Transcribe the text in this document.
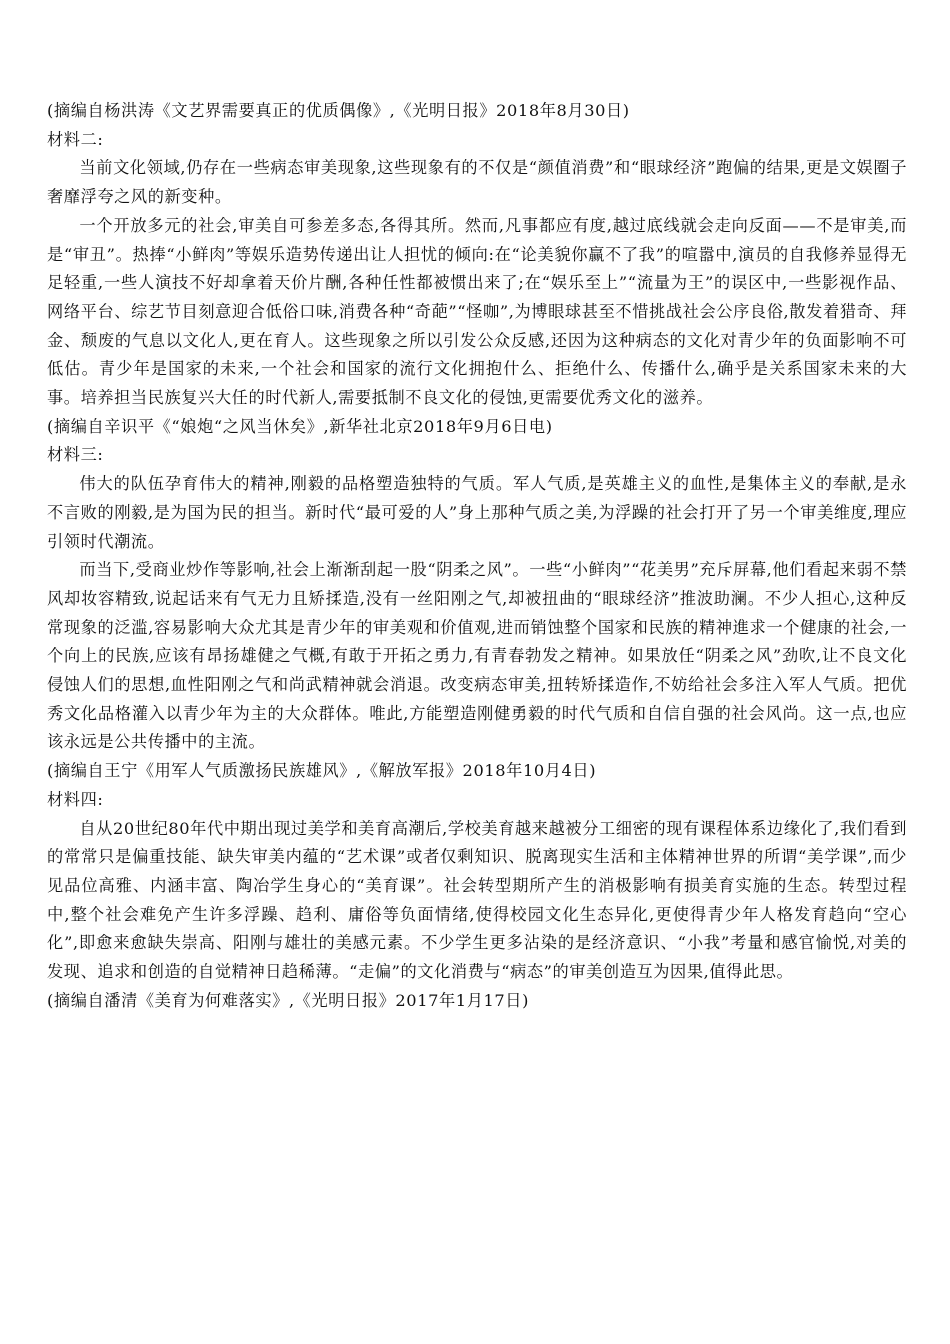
(摘编自杨洪涛《文艺界需要真正的优质偶像》,《光明日报》2018年8月30日)

材料二:

当前文化领域,仍存在一些病态审美现象,这些现象有的不仅是“颜值消费”和“眼球经济”跑偏的结果,更是文娱圈子奢靡浮夸之风的新变种。

一个开放多元的社会,审美自可参差多态,各得其所。然而,凡事都应有度,越过底线就会走向反面——不是审美,而是“审丑”。热捧“小鲜肉”等娱乐造势传递出让人担忧的倾向:在“论美貌你赢不了我”的喧嚣中,演员的自我修养显得无足轻重,一些人演技不好却拿着天价片酬,各种任性都被惯出来了;在“娱乐至上”“流量为王”的误区中,一些影视作品、网络平台、综艺节目刻意迎合低俗口味,消费各种“奇葩”“怪咖”,为博眼球甚至不惜挑战社会公序良俗,散发着猎奇、拜金、颓废的气息以文化人,更在育人。这些现象之所以引发公众反感,还因为这种病态的文化对青少年的负面影响不可低估。青少年是国家的未来,一个社会和国家的流行文化拥抱什么、拒绝什么、传播什么,确乎是关系国家未来的大事。培养担当民族复兴大任的时代新人,需要抵制不良文化的侵蚀,更需要优秀文化的滋养。

(摘编自辛识平《“娘炮“之风当休矣》,新华社北京2018年9月6日电)

材料三:

伟大的队伍孕育伟大的精神,刚毅的品格塑造独特的气质。军人气质,是英雄主义的血性,是集体主义的奉献,是永不言败的刚毅,是为国为民的担当。新时代“最可爱的人”身上那种气质之美,为浮躁的社会打开了另一个审美维度,理应引领时代潮流。

而当下,受商业炒作等影响,社会上渐渐刮起一股“阴柔之风”。一些“小鲜肉”“花美男”充斥屏幕,他们看起来弱不禁风却妆容精致,说起话来有气无力且矫揉造,没有一丝阳刚之气,却被扭曲的“眼球经济”推波助澜。不少人担心,这种反常现象的泛滥,容易影响大众尤其是青少年的审美观和价值观,进而销蚀整个国家和民族的精神進求一个健康的社会,一个向上的民族,应该有昂扬雄健之气概,有敢于开拓之勇力,有青春勃发之精神。如果放任“阴柔之风”劲吹,让不良文化侵蚀人们的思想,血性阳刚之气和尚武精神就会消退。改变病态审美,扭转矫揉造作,不妨给社会多注入军人气质。把优秀文化品格灌入以青少年为主的大众群体。唯此,方能塑造刚健勇毅的时代气质和自信自强的社会风尚。这一点,也应该永远是公共传播中的主流。

(摘编自王宁《用军人气质激扬民族雄风》,《解放军报》2018年10月4日)

材料四:

自从20世纪80年代中期出现过美学和美育高潮后,学校美育越来越被分工细密的现有课程体系边缘化了,我们看到的常常只是偏重技能、缺失审美内蕴的“艺术课”或者仅剩知识、脱离现实生活和主体精神世界的所谓“美学课”,而少见品位高雅、内涵丰富、陶冶学生身心的“美育课”。社会转型期所产生的消极影响有损美育实施的生态。转型过程中,整个社会难免产生许多浮躁、趋利、庸俗等负面情绪,使得校园文化生态异化,更使得青少年人格发育趋向“空心化”,即愈来愈缺失崇高、阳刚与雄壮的美感元素。不少学生更多沾染的是经济意识、“小我”考量和感官愉悦,对美的发现、追求和创造的自觉精神日趋稀薄。“走偏”的文化消费与“病态”的审美创造互为因果,值得此思。

(摘编自潘清《美育为何难落实》,《光明日报》2017年1月17日)
